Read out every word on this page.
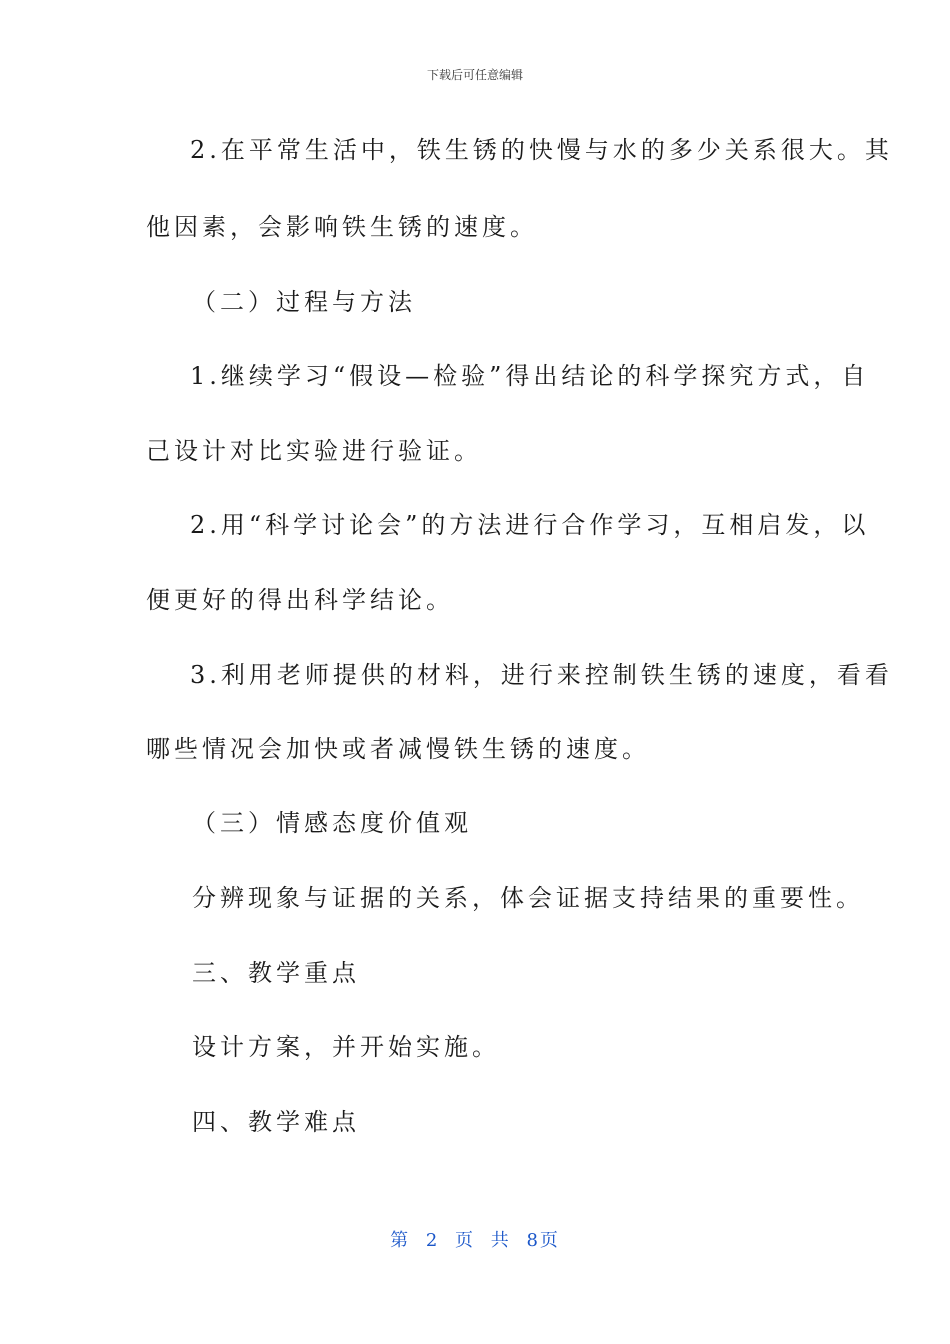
下载后可任意编辑
2.在平常生活中，铁生锈的快慢与水的多少关系很大。其
他因素，会影响铁生锈的速度。
（二）过程与方法
1.继续学习“假设—检验”得出结论的科学探究方式，自
己设计对比实验进行验证。
2.用“科学讨论会”的方法进行合作学习，互相启发，以
便更好的得出科学结论。
3.利用老师提供的材料，进行来控制铁生锈的速度，看看
哪些情况会加快或者减慢铁生锈的速度。
（三）情感态度价值观
分辨现象与证据的关系，体会证据支持结果的重要性。
三、教学重点
设计方案，并开始实施。
四、教学难点
第 2 页 共 8页
